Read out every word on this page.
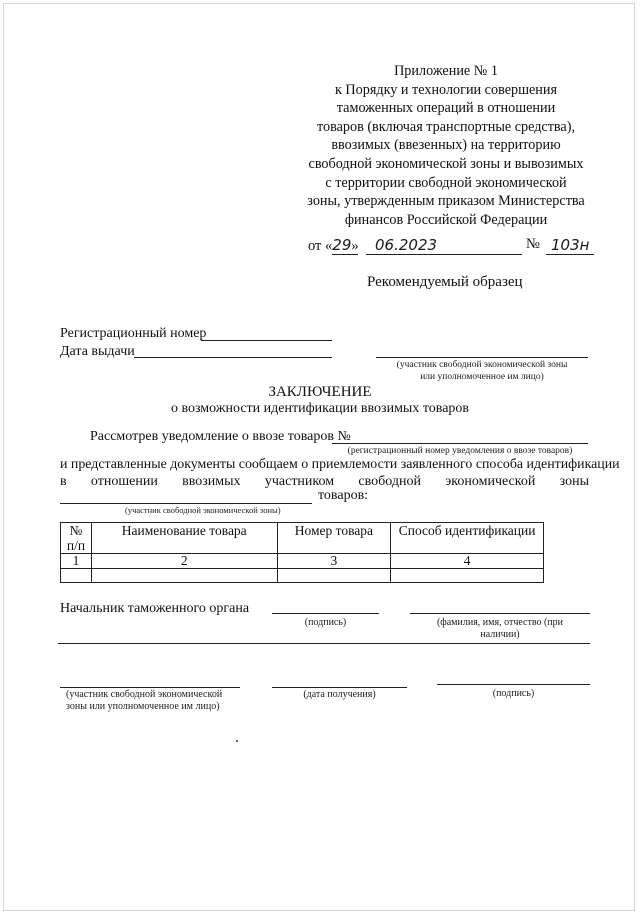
Приложение № 1
к Порядку и технологии совершения
таможенных операций в отношении
товаров (включая транспортные средства),
ввозимых (ввезенных) на территорию
свободной экономической зоны и вывозимых
с территории свободной экономической
зоны, утвержденным приказом Министерства
финансов Российской Федерации
от «29» 06.2023	№ 103н
Рекомендуемый образец
Регистрационный номер
Дата выдачи
(участник свободной экономической зоны
или уполномоченное им лицо)
ЗАКЛЮЧЕНИЕ
о возможности идентификации ввозимых товаров
Рассмотрев уведомление о ввозе товаров №
(регистрационный номер уведомления о ввозе товаров)
и представленные документы сообщаем о приемлемости заявленного способа идентификации
в отношении ввозимых участником свободной экономической зоны
товаров:
(участник свободной экономической зоны)
№ п/п	Наименование товара	Номер товара	Способ идентификации
1	2	3	4

Начальник таможенного органа
(подпись)	(фамилия, имя, отчество (при
наличии)
(участник свободной экономической
зоны или уполномоченное им лицо)
(дата получения)	(подпись)
